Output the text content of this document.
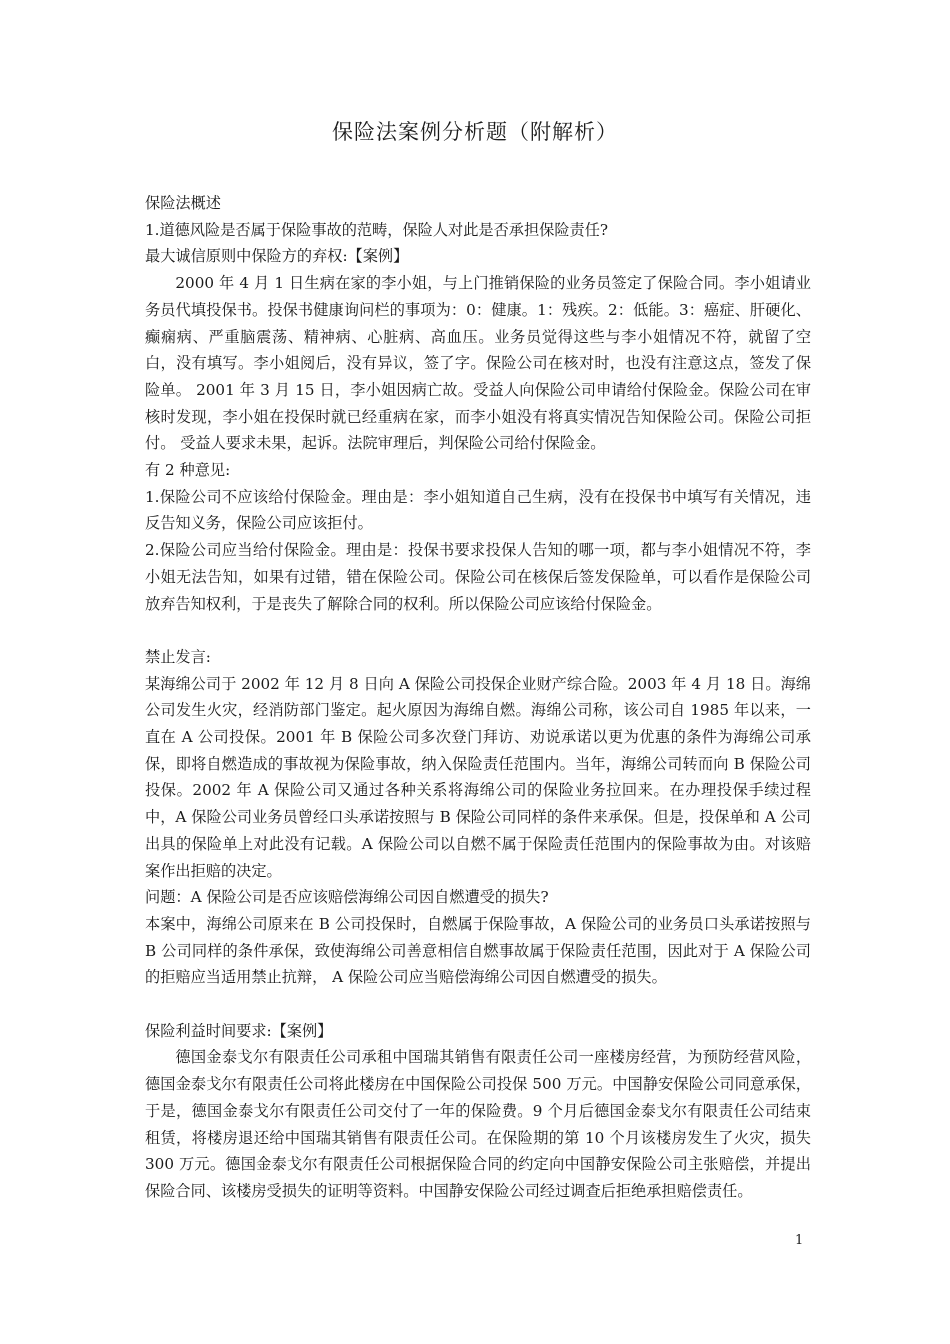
保险法案例分析题（附解析）

保险法概述

1.道德风险是否属于保险事故的范畴，保险人对此是否承担保险责任?

最大诚信原则中保险方的弃权:【案例】

2000 年 4 月 1 日生病在家的李小姐，与上门推销保险的业务员签定了保险合同。李小姐请业务员代填投保书。投保书健康询问栏的事项为：0：健康。1：残疾。2：低能。3：癌症、肝硬化、癫痫病、严重脑震荡、精神病、心脏病、高血压。业务员觉得这些与李小姐情况不符，就留了空白，没有填写。李小姐阅后，没有异议，签了字。保险公司在核对时，也没有注意这点，签发了保险单。 2001 年 3 月 15 日，李小姐因病亡故。受益人向保险公司申请给付保险金。保险公司在审核时发现，李小姐在投保时就已经重病在家，而李小姐没有将真实情况告知保险公司。保险公司拒付。 受益人要求未果，起诉。法院审理后，判保险公司给付保险金。

有 2 种意见:

1.保险公司不应该给付保险金。理由是：李小姐知道自己生病，没有在投保书中填写有关情况，违反告知义务，保险公司应该拒付。

2.保险公司应当给付保险金。理由是：投保书要求投保人告知的哪一项，都与李小姐情况不符，李小姐无法告知，如果有过错，错在保险公司。保险公司在核保后签发保险单，可以看作是保险公司放弃告知权利，于是丧失了解除合同的权利。所以保险公司应该给付保险金。

禁止发言:

某海绵公司于 2002 年 12 月 8 日向 A 保险公司投保企业财产综合险。2003 年 4 月 18 日。海绵公司发生火灾，经消防部门鉴定。起火原因为海绵自燃。海绵公司称，该公司自 1985 年以来，一直在 A 公司投保。2001 年 B 保险公司多次登门拜访、劝说承诺以更为优惠的条件为海绵公司承保，即将自燃造成的事故视为保险事故，纳入保险责任范围内。当年，海绵公司转而向 B 保险公司投保。2002 年 A 保险公司又通过各种关系将海绵公司的保险业务拉回来。在办理投保手续过程中，A 保险公司业务员曾经口头承诺按照与 B 保险公司同样的条件来承保。但是，投保单和 A 公司出具的保险单上对此没有记载。A 保险公司以自燃不属于保险责任范围内的保险事故为由。对该赔案作出拒赔的决定。

问题：A 保险公司是否应该赔偿海绵公司因自燃遭受的损失?

本案中，海绵公司原来在 B 公司投保时，自燃属于保险事故，A 保险公司的业务员口头承诺按照与 B 公司同样的条件承保，致使海绵公司善意相信自燃事故属于保险责任范围，因此对于 A 保险公司的拒赔应当适用禁止抗辩， A 保险公司应当赔偿海绵公司因自燃遭受的损失。

保险利益时间要求:【案例】

德国金泰戈尔有限责任公司承租中国瑞其销售有限责任公司一座楼房经营，为预防经营风险，德国金泰戈尔有限责任公司将此楼房在中国保险公司投保 500 万元。中国静安保险公司同意承保，于是，德国金泰戈尔有限责任公司交付了一年的保险费。9 个月后德国金泰戈尔有限责任公司结束租赁，将楼房退还给中国瑞其销售有限责任公司。在保险期的第 10 个月该楼房发生了火灾，损失 300 万元。德国金泰戈尔有限责任公司根据保险合同的约定向中国静安保险公司主张赔偿，并提出保险合同、该楼房受损失的证明等资料。中国静安保险公司经过调查后拒绝承担赔偿责任。

1
